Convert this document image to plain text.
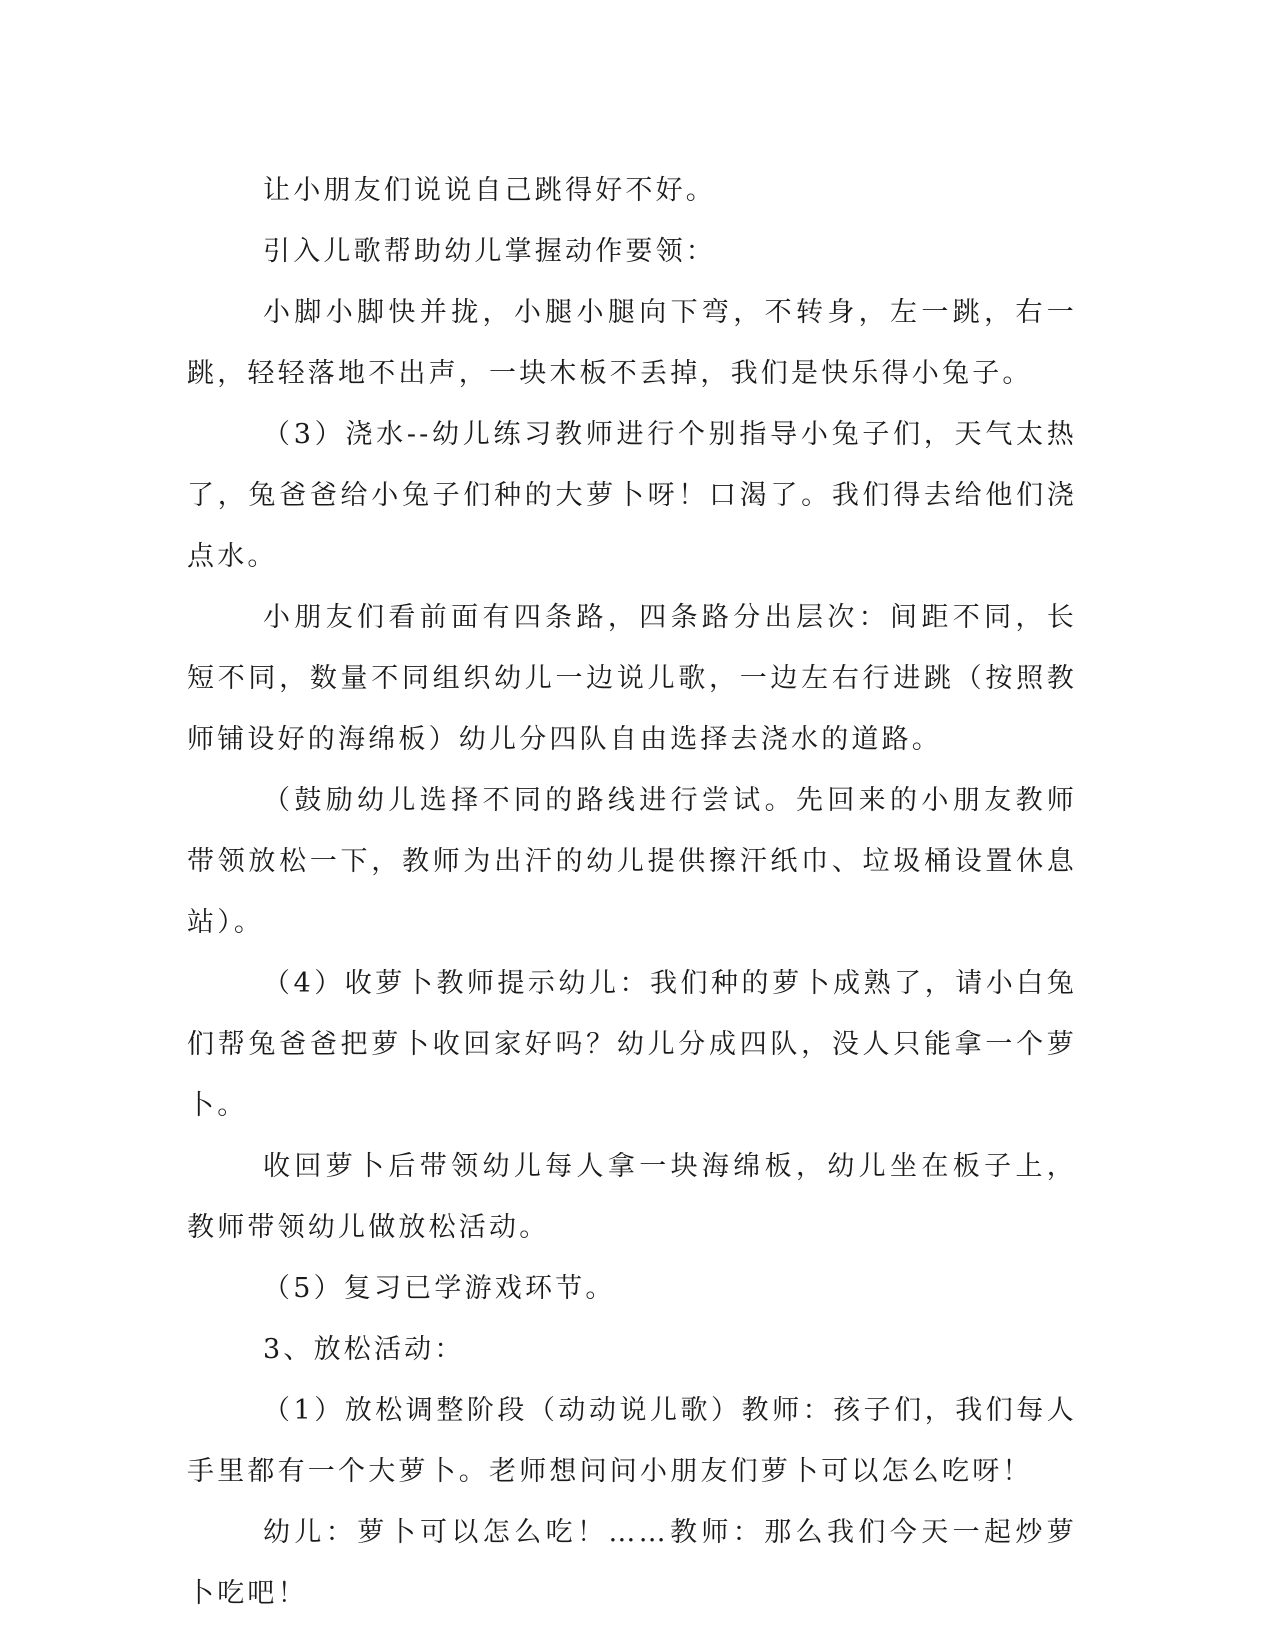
让小朋友们说说自己跳得好不好。

引入儿歌帮助幼儿掌握动作要领：

小脚小脚快并拢，小腿小腿向下弯，不转身，左一跳，右一跳，轻轻落地不出声，一块木板不丢掉，我们是快乐得小兔子。

（3）浇水--幼儿练习教师进行个别指导小兔子们，天气太热了，兔爸爸给小兔子们种的大萝卜呀！口渴了。我们得去给他们浇点水。

小朋友们看前面有四条路，四条路分出层次：间距不同，长短不同，数量不同组织幼儿一边说儿歌，一边左右行进跳（按照教师铺设好的海绵板）幼儿分四队自由选择去浇水的道路。

（鼓励幼儿选择不同的路线进行尝试。先回来的小朋友教师带领放松一下，教师为出汗的幼儿提供擦汗纸巾、垃圾桶设置休息站）。

（4）收萝卜教师提示幼儿：我们种的萝卜成熟了，请小白兔们帮兔爸爸把萝卜收回家好吗？幼儿分成四队，没人只能拿一个萝卜。

收回萝卜后带领幼儿每人拿一块海绵板，幼儿坐在板子上，教师带领幼儿做放松活动。

（5）复习已学游戏环节。

3、放松活动：

（1）放松调整阶段（动动说儿歌）教师：孩子们，我们每人手里都有一个大萝卜。老师想问问小朋友们萝卜可以怎么吃呀！

幼儿：萝卜可以怎么吃！……教师：那么我们今天一起炒萝卜吃吧！
